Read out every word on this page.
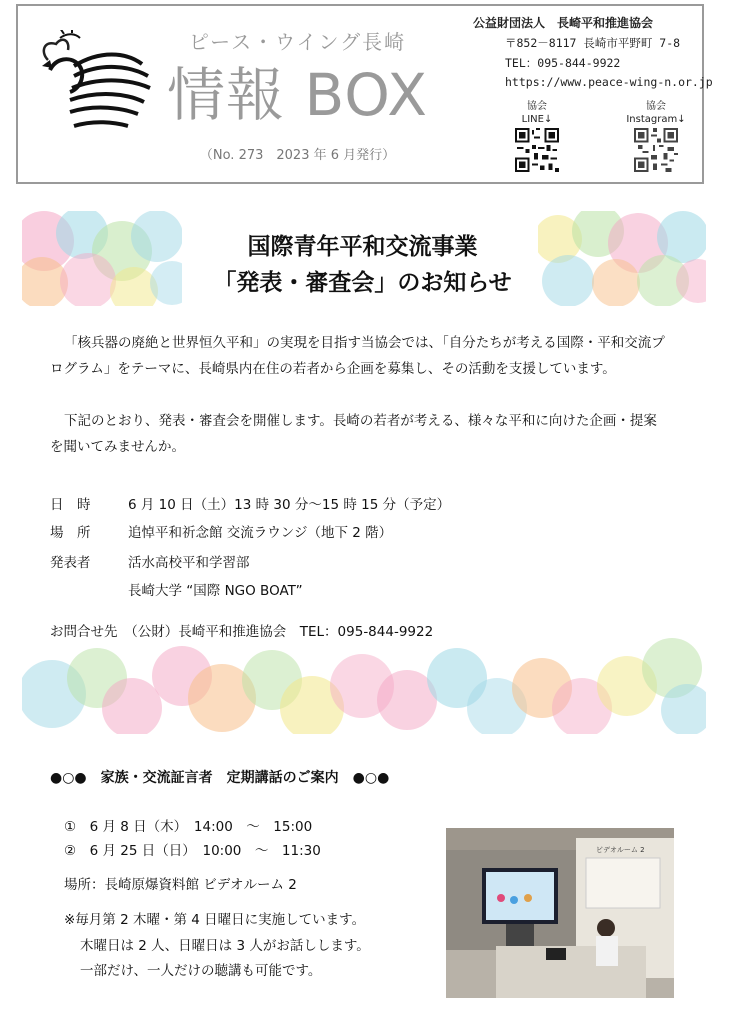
ピース・ウイング長崎
情報 BOX
（No. 273　2023 年 6 月発行）
公益財団法人　長崎平和推進協会
〒852－8117 長崎市平野町 7-8
TEL：095-844-9922
https://www.peace-wing-n.or.jp
協会
LINE↓
協会
Instagram↓
国際青年平和交流事業
「発表・審査会」のお知らせ
「核兵器の廃絶と世界恒久平和」の実現を目指す当協会では、「自分たちが考える国際・平和交流プログラム」をテーマに、長崎県内在住の若者から企画を募集し、その活動を支援しています。
下記のとおり、発表・審査会を開催します。長崎の若者が考える、様々な平和に向けた企画・提案を聞いてみませんか。
日　時	6 月 10 日（土）13 時 30 分～15 時 15 分（予定）
場　所	追悼平和祈念館 交流ラウンジ（地下 2 階）
発表者	活水高校平和学習部
長崎大学 “国際 NGO BOAT”
お問合せ先　（公財）長崎平和推進協会　TEL：095-844-9922
●○●　家族・交流証言者　定期講話のご案内　●○●
①　6 月 8 日（木）　14:00　～　15:00
②　6 月 25 日（日）　10:00　～　11:30
場所：長崎原爆資料館 ビデオルーム 2
※毎月第 2 木曜・第 4 日曜日に実施しています。
木曜日は 2 人、日曜日は 3 人がお話しします。
一部だけ、一人だけの聴講も可能です。
ビデオルーム 2
